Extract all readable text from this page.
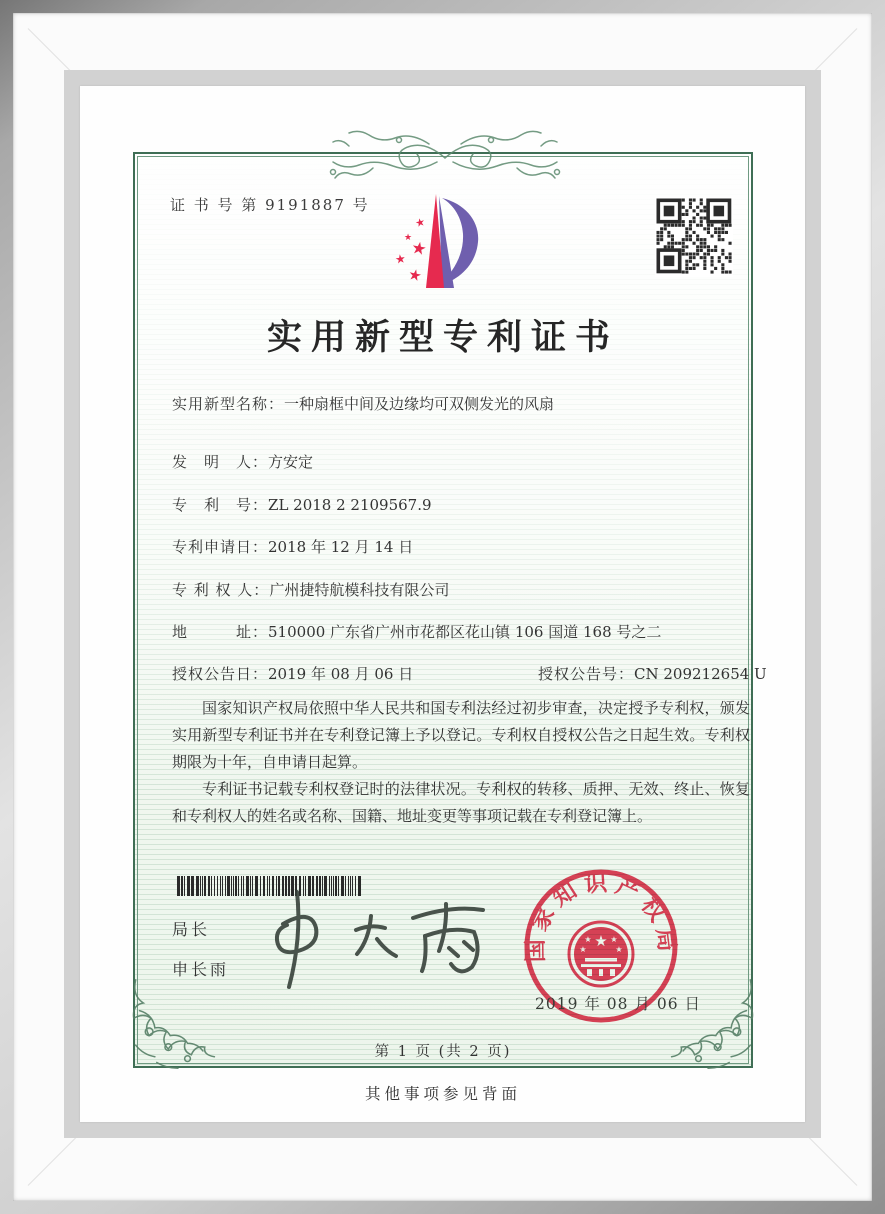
证 书 号 第 9191887 号
★
★
★
★
★
实用新型专利证书
实用新型名称：一种扇框中间及边缘均可双侧发光的风扇
发　明　人：方安定
专　利　号：ZL 2018 2 2109567.9
专利申请日：2018 年 12 月 14 日
专 利 权 人：广州捷特航模科技有限公司
地　　　址：510000 广东省广州市花都区花山镇 106 国道 168 号之二
授权公告日：2019 年 08 月 06 日	授权公告号：CN 209212654 U

国家知识产权局依照中华人民共和国专利法经过初步审查，决定授予专利权，颁发实用新型专利证书并在专利登记簿上予以登记。专利权自授权公告之日起生效。专利权期限为十年，自申请日起算。

专利证书记载专利权登记时的法律状况。专利权的转移、质押、无效、终止、恢复和专利权人的姓名或名称、国籍、地址变更等事项记载在专利登记簿上。

局长
申长雨
国家知识产权局
★
★ ★
★	★
2019 年 08 月 06 日
第 1 页 (共 2 页)
其他事项参见背面
